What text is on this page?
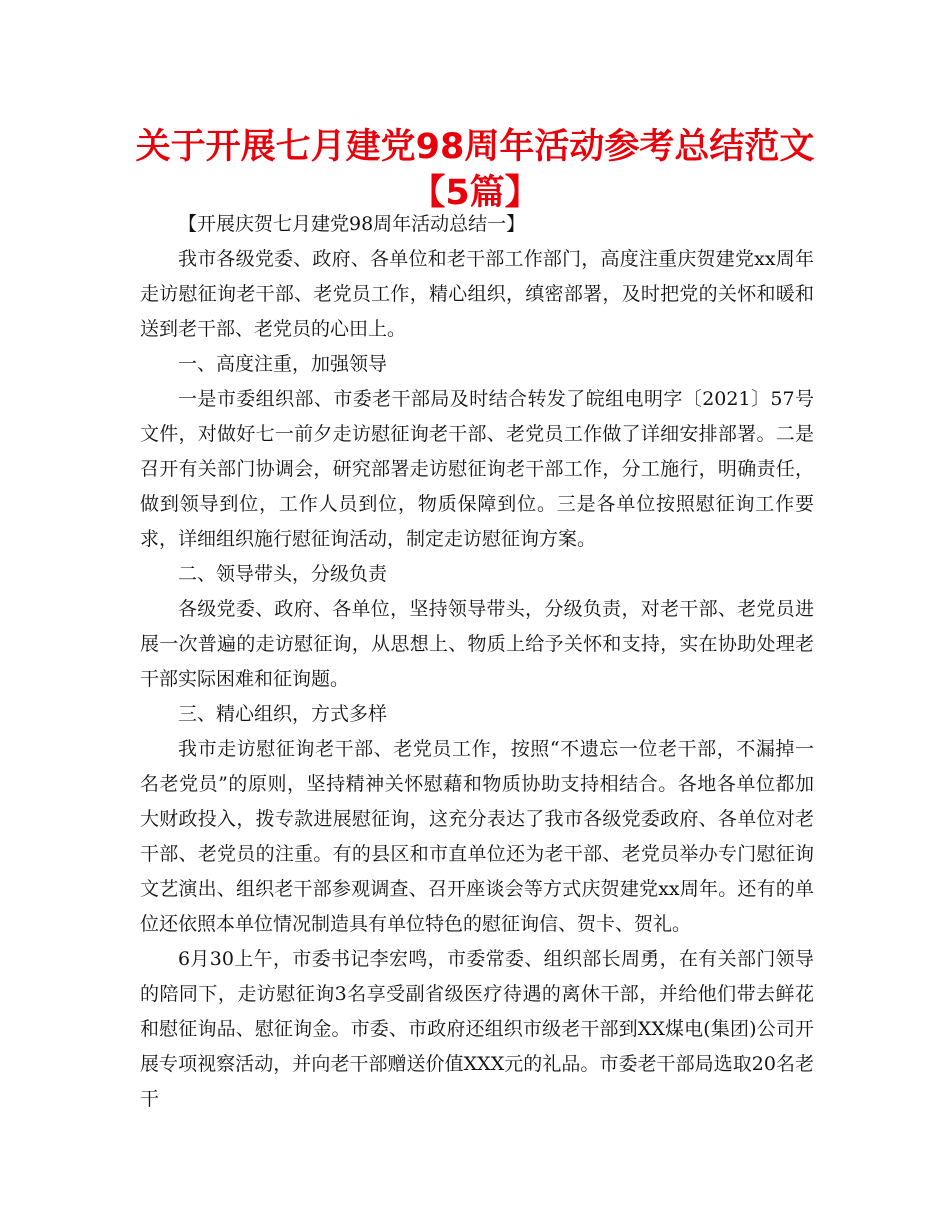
关于开展七月建党98周年活动参考总结范文【5篇】

【开展庆贺七月建党98周年活动总结一】

我市各级党委、政府、各单位和老干部工作部门，高度注重庆贺建党xx周年走访慰征询老干部、老党员工作，精心组织，缜密部署，及时把党的关怀和暖和送到老干部、老党员的心田上。

一、高度注重，加强领导

一是市委组织部、市委老干部局及时结合转发了皖组电明字〔2021〕57号文件，对做好七一前夕走访慰征询老干部、老党员工作做了详细安排部署。二是召开有关部门协调会，研究部署走访慰征询老干部工作，分工施行，明确责任，做到领导到位，工作人员到位，物质保障到位。三是各单位按照慰征询工作要求，详细组织施行慰征询活动，制定走访慰征询方案。

二、领导带头，分级负责

各级党委、政府、各单位，坚持领导带头，分级负责，对老干部、老党员进展一次普遍的走访慰征询，从思想上、物质上给予关怀和支持，实在协助处理老干部实际困难和征询题。

三、精心组织，方式多样

我市走访慰征询老干部、老党员工作，按照“不遗忘一位老干部，不漏掉一名老党员”的原则，坚持精神关怀慰藉和物质协助支持相结合。各地各单位都加大财政投入，拨专款进展慰征询，这充分表达了我市各级党委政府、各单位对老干部、老党员的注重。有的县区和市直单位还为老干部、老党员举办专门慰征询文艺演出、组织老干部参观调查、召开座谈会等方式庆贺建党xx周年。还有的单位还依照本单位情况制造具有单位特色的慰征询信、贺卡、贺礼。

6月30上午，市委书记李宏鸣，市委常委、组织部长周勇，在有关部门领导的陪同下，走访慰征询3名享受副省级医疗待遇的离休干部，并给他们带去鲜花和慰征询品、慰征询金。市委、市政府还组织市级老干部到XX煤电(集团)公司开展专项视察活动，并向老干部赠送价值XXX元的礼品。市委老干部局选取20名老干
